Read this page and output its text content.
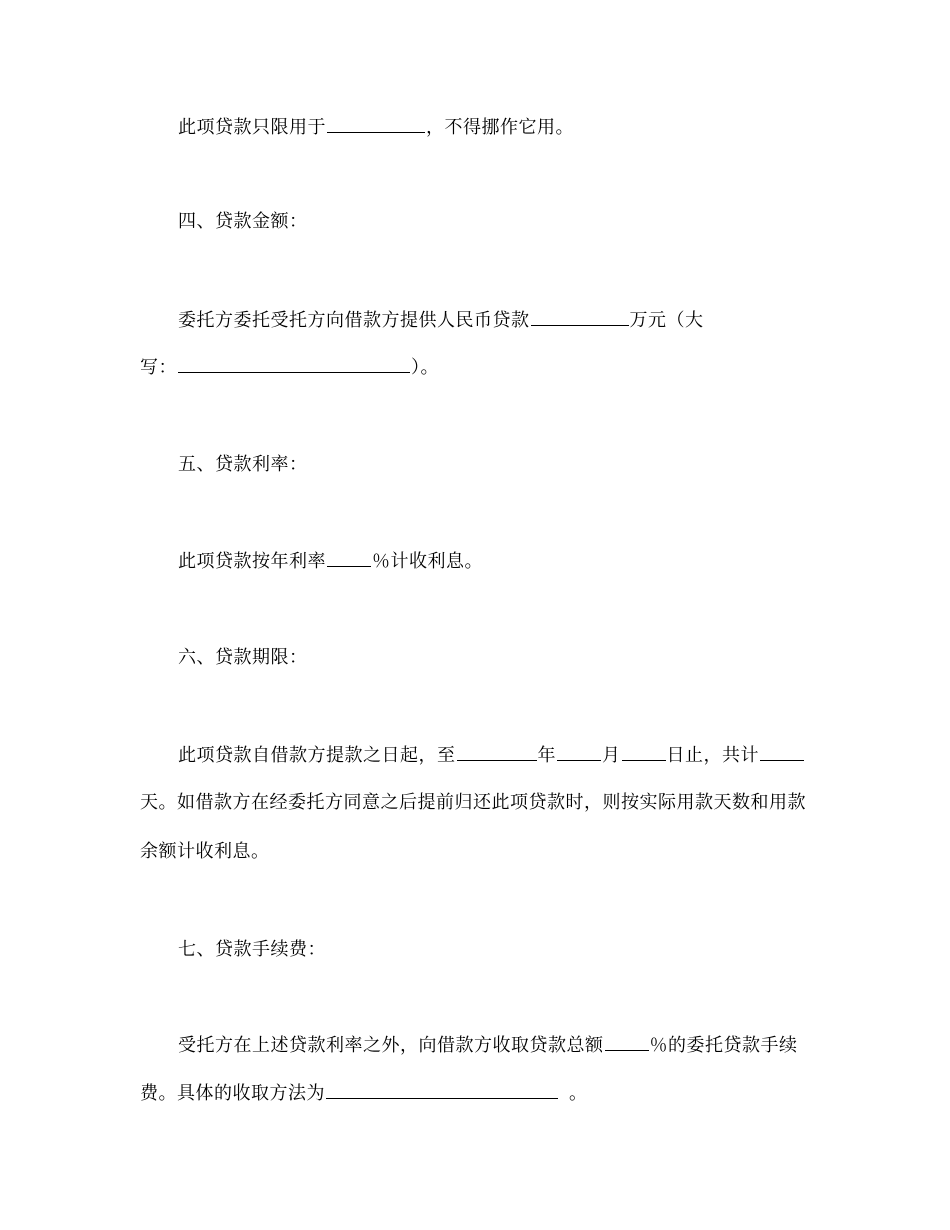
此项贷款只限用于	，不得挪作它用。
四、贷款金额：
委托方委托受托方向借款方提供人民币贷款	万元（大
写：	）。
五、贷款利率：
此项贷款按年利率	％计收利息。
六、贷款期限：
此项贷款自借款方提款之日起，至	年	月	日止，共计
天。如借款方在经委托方同意之后提前归还此项贷款时，则按实际用款天数和用款
余额计收利息。
七、贷款手续费：
受托方在上述贷款利率之外，向借款方收取贷款总额	％的委托贷款手续
费。具体的收取方法为	。
